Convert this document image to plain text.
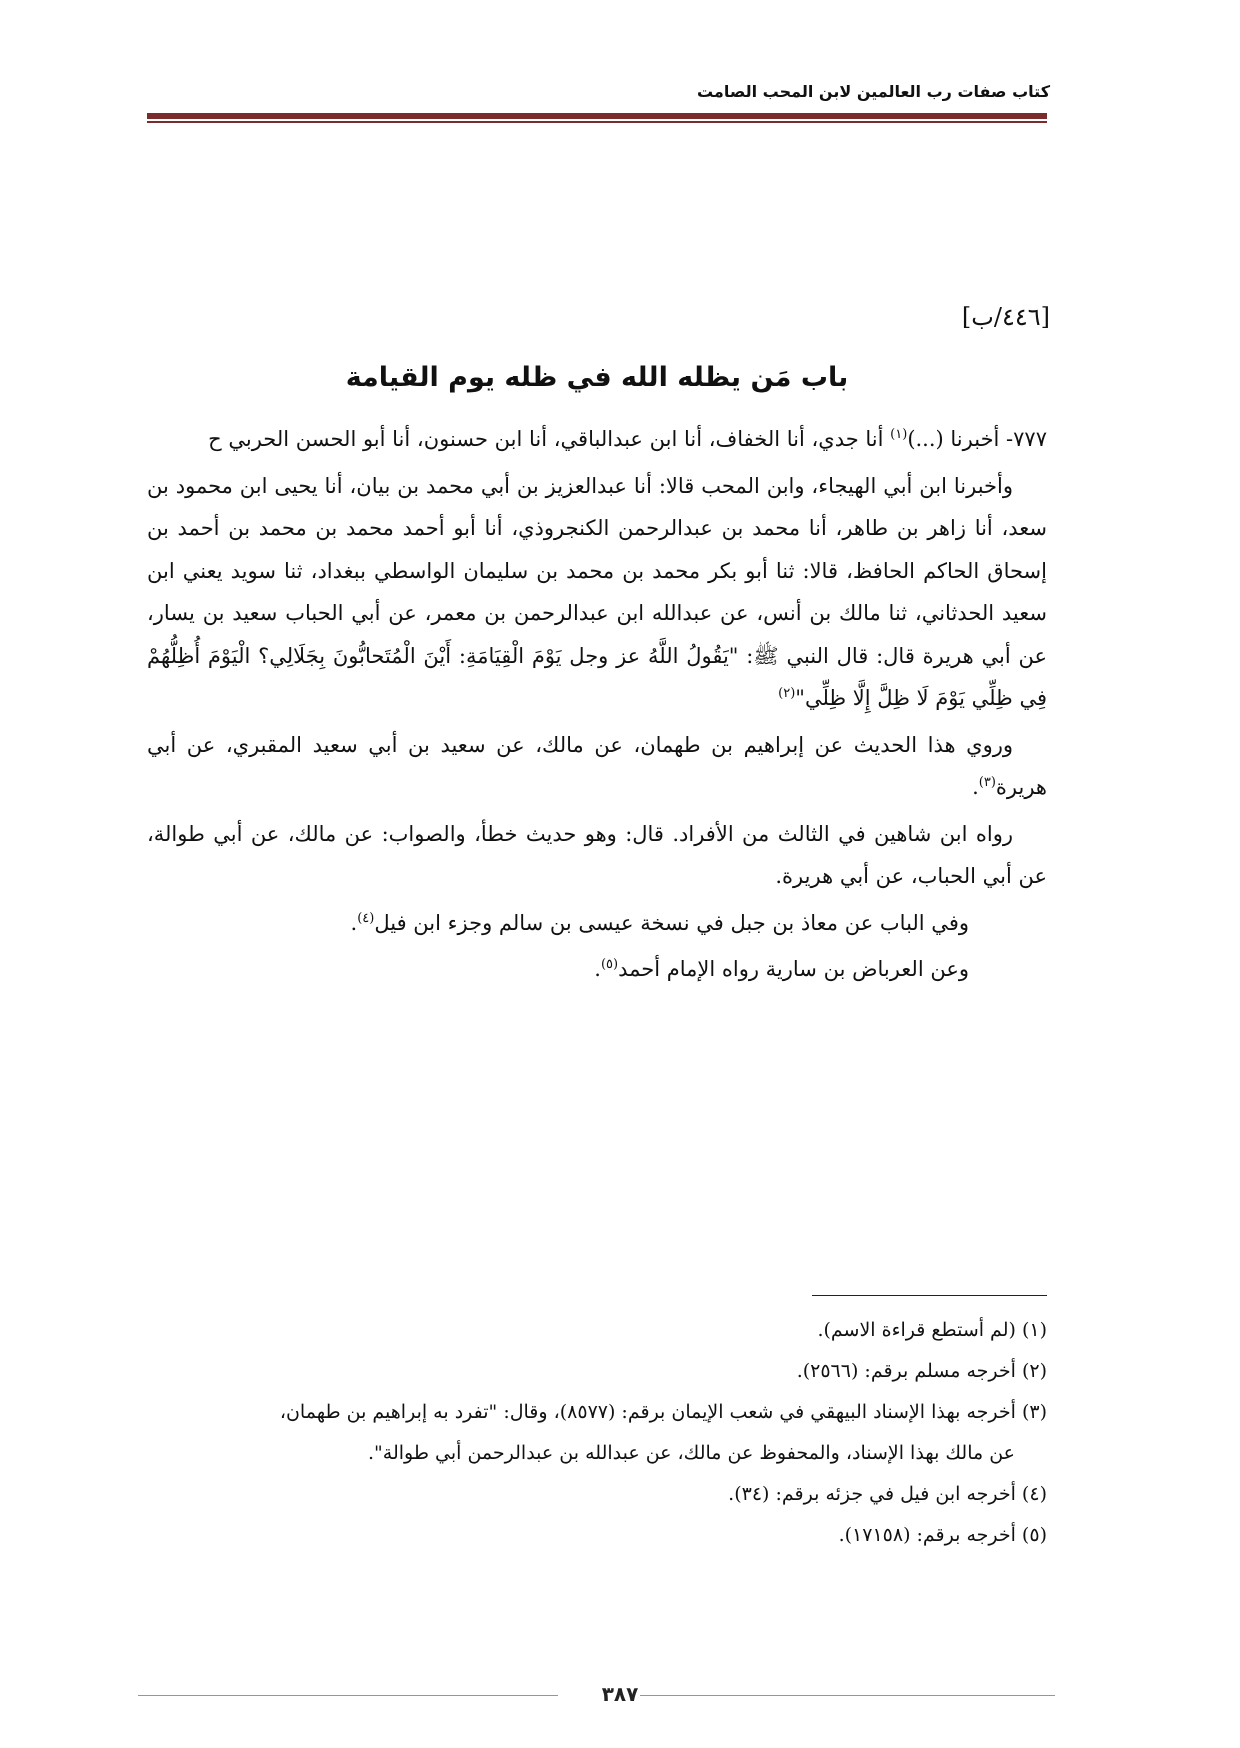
كتاب صفات رب العالمين لابن المحب الصامت
[٤٤٦/ب]
باب مَن يظله الله في ظله يوم القيامة

٧٧٧- أخبرنا (...)$^{(١)}$ أنا جدي، أنا الخفاف، أنا ابن عبدالباقي، أنا ابن حسنون، أنا أبو الحسن الحربي ح

وأخبرنا ابن أبي الهيجاء، وابن المحب قالا: أنا عبدالعزيز بن أبي محمد بن بيان، أنا يحيى ابن محمود بن سعد، أنا زاهر بن طاهر، أنا محمد بن عبدالرحمن الكنجروذي، أنا أبو أحمد محمد بن محمد بن أحمد بن إسحاق الحاكم الحافظ، قالا: ثنا أبو بكر محمد بن محمد بن سليمان الواسطي ببغداد، ثنا سويد يعني ابن سعيد الحدثاني، ثنا مالك بن أنس، عن عبدالله ابن عبدالرحمن بن معمر، عن أبي الحباب سعيد بن يسار، عن أبي هريرة قال: قال النبي ﷺ: "يَقُولُ اللَّهُ عز وجل يَوْمَ الْقِيَامَةِ: أَيْنَ الْمُتَحابُّونَ بِجَلَالِي؟ الْيَوْمَ أُظِلُّهُمْ فِي ظِلِّي يَوْمَ لَا ظِلَّ إِلَّا ظِلِّي"$^{(٢)}$

وروي هذا الحديث عن إبراهيم بن طهمان، عن مالك، عن سعيد بن أبي سعيد المقبري، عن أبي هريرة$^{(٣)}$.

رواه ابن شاهين في الثالث من الأفراد. قال: وهو حديث خطأ، والصواب: عن مالك، عن أبي طوالة، عن أبي الحباب، عن أبي هريرة.

وفي الباب عن معاذ بن جبل في نسخة عيسى بن سالم وجزء ابن فيل$^{(٤)}$.

وعن العرباض بن سارية رواه الإمام أحمد$^{(٥)}$.

(١) (لم أستطع قراءة الاسم).

(٢) أخرجه مسلم برقم: (٢٥٦٦).

(٣) أخرجه بهذا الإسناد البيهقي في شعب الإيمان برقم: (٨٥٧٧)، وقال: "تفرد به إبراهيم بن طهمان،

عن مالك بهذا الإسناد، والمحفوظ عن مالك، عن عبدالله بن عبدالرحمن أبي طوالة".

(٤) أخرجه ابن فيل في جزئه برقم: (٣٤).

(٥) أخرجه برقم: (١٧١٥٨).

٣٨٧
